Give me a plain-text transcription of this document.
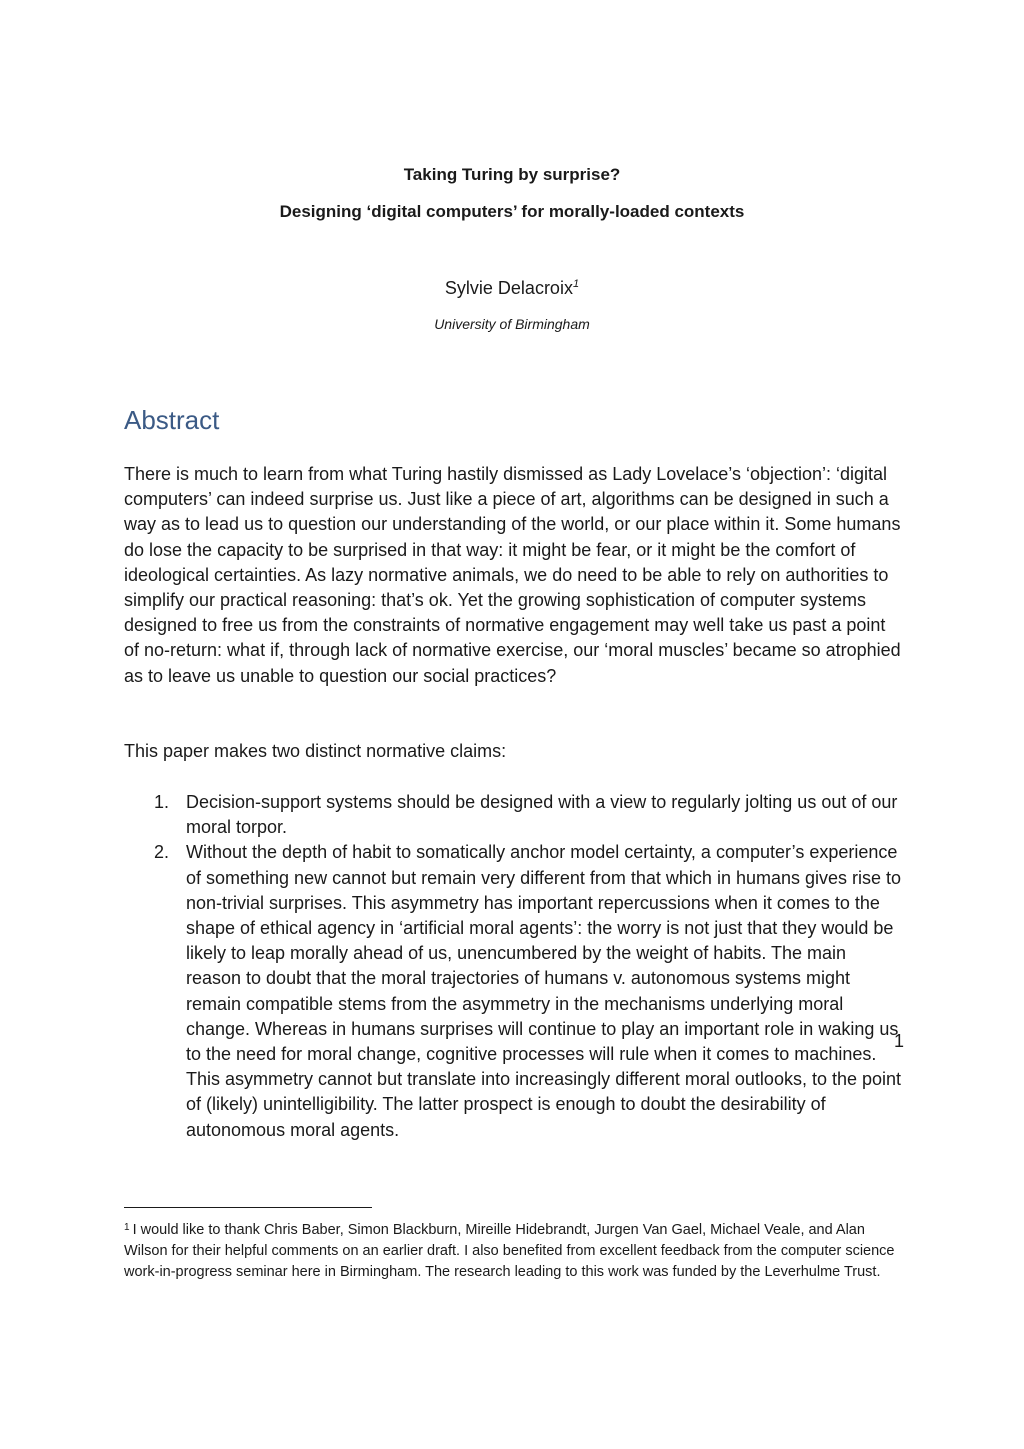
Taking Turing by surprise?
Designing ‘digital computers’ for morally-loaded contexts
Sylvie Delacroix$^1$
University of Birmingham
Abstract

There is much to learn from what Turing hastily dismissed as Lady Lovelace’s ‘objection’: ‘digital computers’ can indeed surprise us. Just like a piece of art, algorithms can be designed in such a way as to lead us to question our understanding of the world, or our place within it. Some humans do lose the capacity to be surprised in that way: it might be fear, or it might be the comfort of ideological certainties. As lazy normative animals, we do need to be able to rely on authorities to simplify our practical reasoning: that’s ok. Yet the growing sophistication of computer systems designed to free us from the constraints of normative engagement may well take us past a point of no-return: what if, through lack of normative exercise, our ‘moral muscles’ became so atrophied as to leave us unable to question our social practices?

This paper makes two distinct normative claims:

1. Decision-support systems should be designed with a view to regularly jolting us out of our moral torpor.
2. Without the depth of habit to somatically anchor model certainty, a computer’s experience of something new cannot but remain very different from that which in humans gives rise to non-trivial surprises. This asymmetry has important repercussions when it comes to the shape of ethical agency in ‘artificial moral agents’: the worry is not just that they would be likely to leap morally ahead of us, unencumbered by the weight of habits. The main reason to doubt that the moral trajectories of humans v. autonomous systems might remain compatible stems from the asymmetry in the mechanisms underlying moral change. Whereas in humans surprises will continue to play an important role in waking us to the need for moral change, cognitive processes will rule when it comes to machines. This asymmetry cannot but translate into increasingly different moral outlooks, to the point of (likely) unintelligibility. The latter prospect is enough to doubt the desirability of autonomous moral agents.

$^1$ I would like to thank Chris Baber, Simon Blackburn, Mireille Hidebrandt, Jurgen Van Gael, Michael Veale, and Alan Wilson for their helpful comments on an earlier draft. I also benefited from excellent feedback from the computer science work-in-progress seminar here in Birmingham. The research leading to this work was funded by the Leverhulme Trust.

1
